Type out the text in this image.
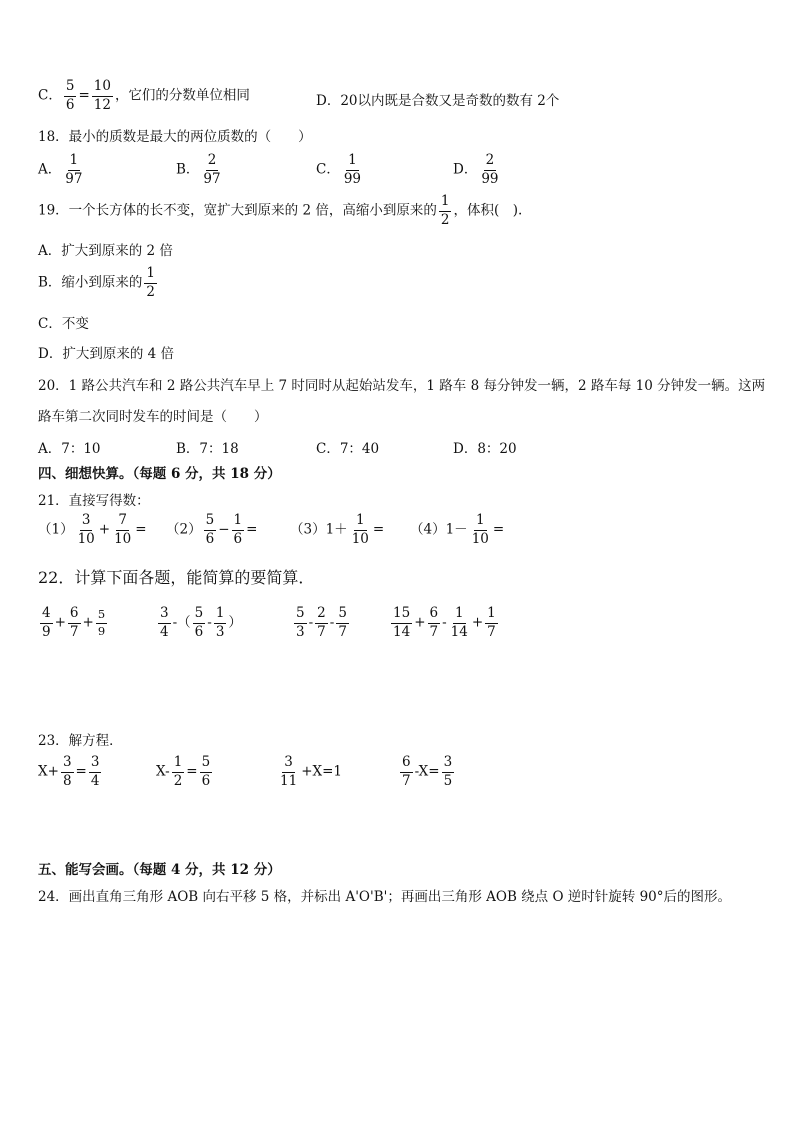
C． $\frac{5}{6} = \frac{10}{12}$ ，它们的分数单位相同	D．20以内既是合数又是奇数的数有 2个
18．最小的质数是最大的两位质数的（　　）
A． $\frac{1}{97}$	B． $\frac{2}{97}$	C． $\frac{1}{99}$	D． $\frac{2}{99}$
19．一个长方体的长不变，宽扩大到原来的 2 倍，高缩小到原来的 $\frac{1}{2}$ ，体积(　).
A．扩大到原来的 2 倍
B．缩小到原来的 $\frac{1}{2}$
C．不变
D．扩大到原来的 4 倍
20．1 路公共汽车和 2 路公共汽车早上 7 时同时从起始站发车，1 路车 8 每分钟发一辆，2 路车每 10 分钟发一辆。这两
路车第二次同时发车的时间是（　　）
A．7：10	B．7：18	C．7：40	D．8：20
四、细想快算。（每题 6 分，共 18 分）
21．直接写得数：
$(1) \frac{3}{10} + \frac{7}{10} = (2) \frac{5}{6} - \frac{1}{6} = (3)1+ \frac{1}{10} = (4)1- \frac{1}{10}$ =
22．计算下面各题，能简算的要简算．
$\frac{4}{9} + \frac{6}{7} + \frac{5}{9}$	$\frac{3}{4}$ -（ $\frac{5}{6} - \frac{1}{3}$ ）	$\frac{5}{3} - \frac{2}{7} - \frac{5}{7}$	$\frac{15}{14} + \frac{6}{7} - \frac{1}{14} + \frac{1}{7}$
23．解方程．
$X+ \frac{3}{8} = \frac{3}{4}$	$X- \frac{1}{2} = \frac{5}{6}$	$\frac{3}{11} +X=1$	$\frac{6}{7} -X= \frac{3}{5}$
五、能写会画。（每题 4 分，共 12 分）
24．画出直角三角形 AOB 向右平移 5 格，并标出 A'O'B'；再画出三角形 AOB 绕点 O 逆时针旋转 90°后的图形。
